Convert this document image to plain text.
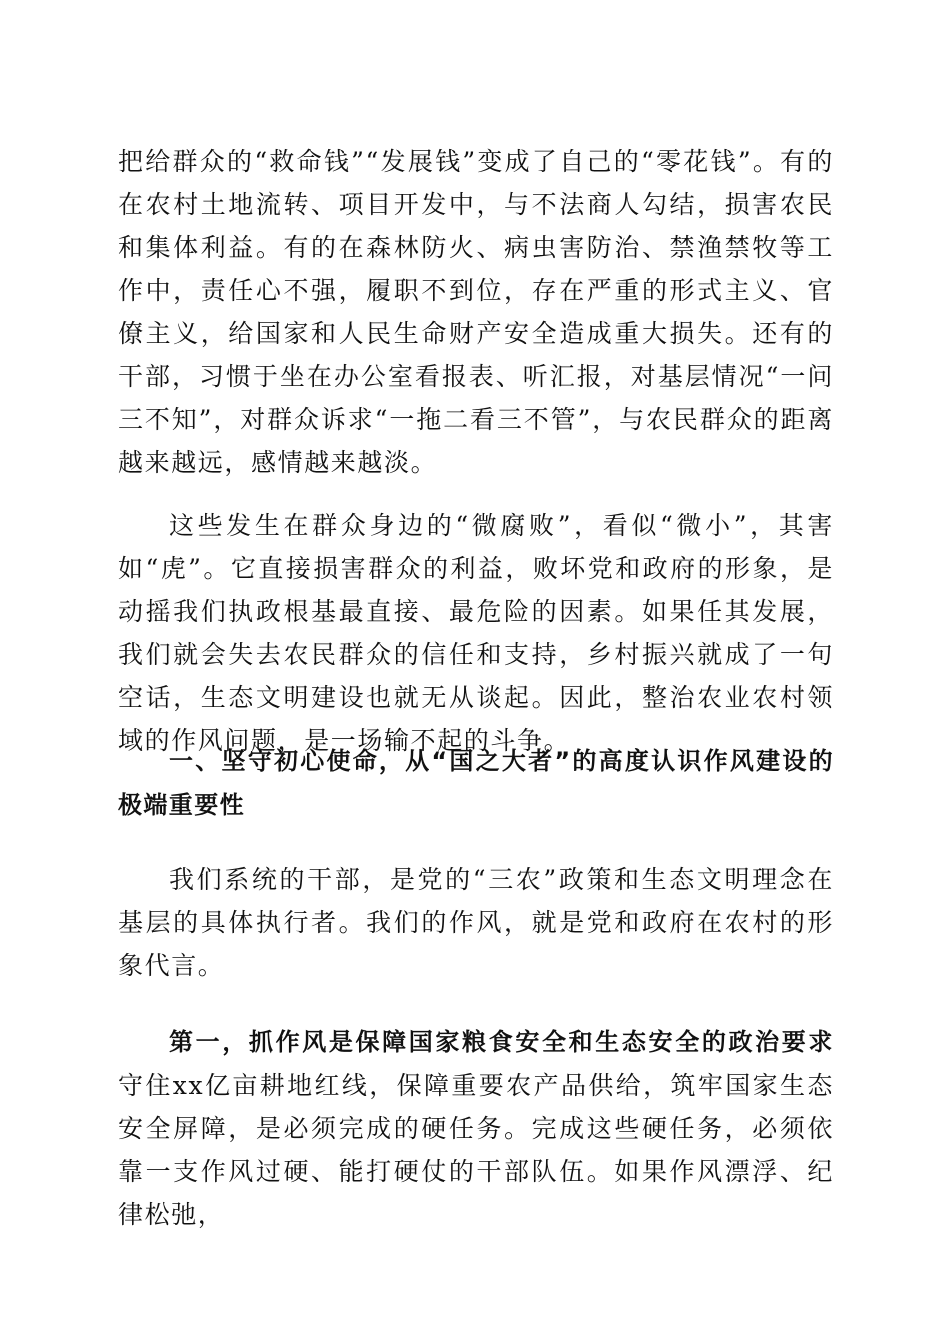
把给群众的“救命钱”“发展钱”变成了自己的“零花钱”。有的在农村土地流转、项目开发中，与不法商人勾结，损害农民和集体利益。有的在森林防火、病虫害防治、禁渔禁牧等工作中，责任心不强，履职不到位，存在严重的形式主义、官僚主义，给国家和人民生命财产安全造成重大损失。还有的干部，习惯于坐在办公室看报表、听汇报，对基层情况“一问三不知”，对群众诉求“一拖二看三不管”，与农民群众的距离越来越远，感情越来越淡。
这些发生在群众身边的“微腐败”，看似“微小”，其害如“虎”。它直接损害群众的利益，败坏党和政府的形象，是动摇我们执政根基最直接、最危险的因素。如果任其发展，我们就会失去农民群众的信任和支持，乡村振兴就成了一句空话，生态文明建设也就无从谈起。因此，整治农业农村领域的作风问题，是一场输不起的斗争。
一、坚守初心使命，从“国之大者”的高度认识作风建设的极端重要性
我们系统的干部，是党的“三农”政策和生态文明理念在基层的具体执行者。我们的作风，就是党和政府在农村的形象代言。
第一，抓作风是保障国家粮食安全和生态安全的政治要求守住xx亿亩耕地红线，保障重要农产品供给，筑牢国家生态安全屏障，是必须完成的硬任务。完成这些硬任务，必须依靠一支作风过硬、能打硬仗的干部队伍。如果作风漂浮、纪律松弛，
